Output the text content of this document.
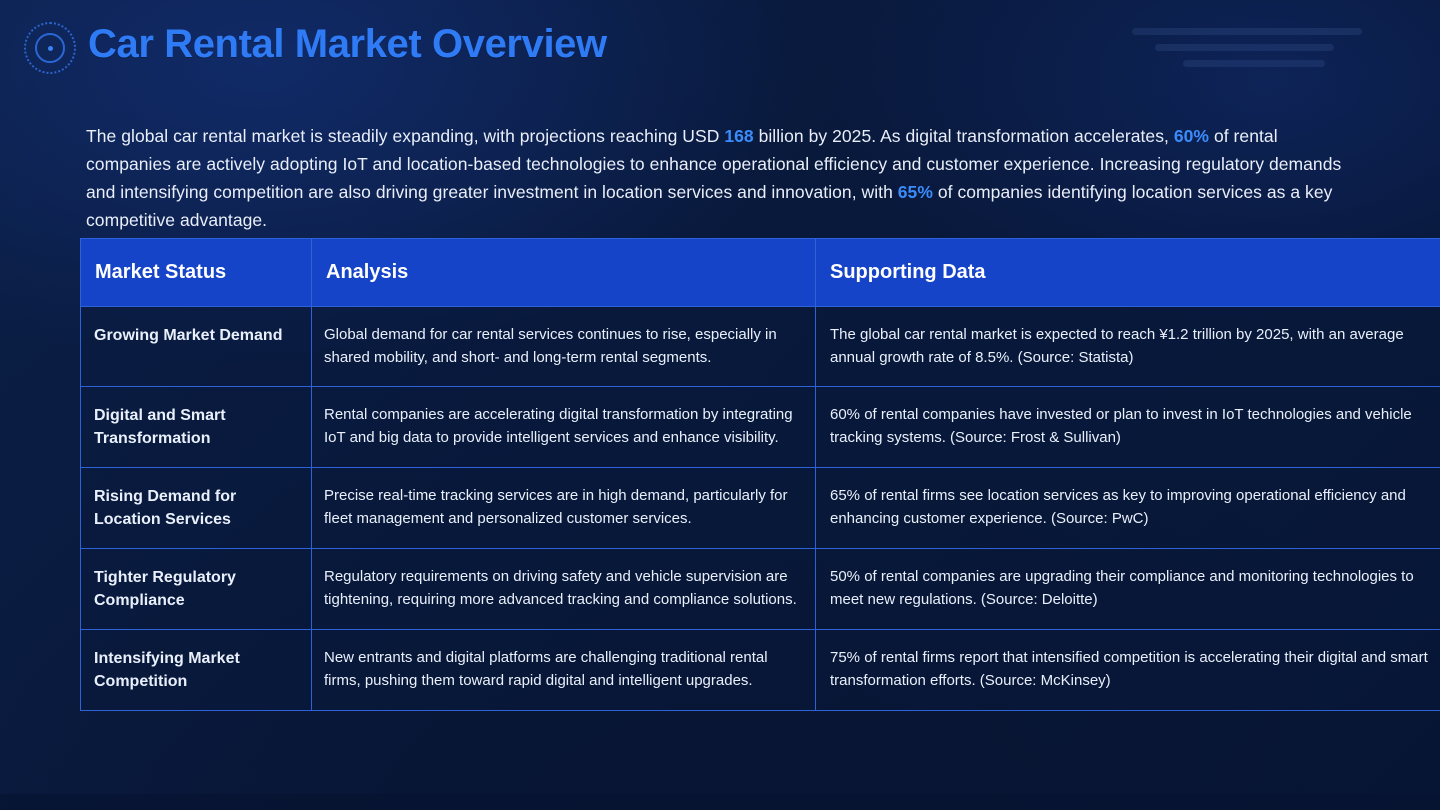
Car Rental Market Overview

The global car rental market is steadily expanding, with projections reaching USD 168 billion by 2025. As digital transformation accelerates, 60% of rental companies are actively adopting IoT and location-based technologies to enhance operational efficiency and customer experience. Increasing regulatory demands and intensifying competition are also driving greater investment in location services and innovation, with 65% of companies identifying location services as a key competitive advantage.

Market Status	Analysis	Supporting Data
Growing Market Demand	Global demand for car rental services continues to rise, especially in shared mobility, and short- and long-term rental segments.	The global car rental market is expected to reach ¥1.2 trillion by 2025, with an average annual growth rate of 8.5%. (Source: Statista)
Digital and Smart Transformation	Rental companies are accelerating digital transformation by integrating IoT and big data to provide intelligent services and enhance visibility.	60% of rental companies have invested or plan to invest in IoT technologies and vehicle tracking systems. (Source: Frost & Sullivan)
Rising Demand for Location Services	Precise real-time tracking services are in high demand, particularly for fleet management and personalized customer services.	65% of rental firms see location services as key to improving operational efficiency and enhancing customer experience. (Source: PwC)
Tighter Regulatory Compliance	Regulatory requirements on driving safety and vehicle supervision are tightening, requiring more advanced tracking and compliance solutions.	50% of rental companies are upgrading their compliance and monitoring technologies to meet new regulations. (Source: Deloitte)
Intensifying Market Competition	New entrants and digital platforms are challenging traditional rental firms, pushing them toward rapid digital and intelligent upgrades.	75% of rental firms report that intensified competition is accelerating their digital and smart transformation efforts. (Source: McKinsey)
